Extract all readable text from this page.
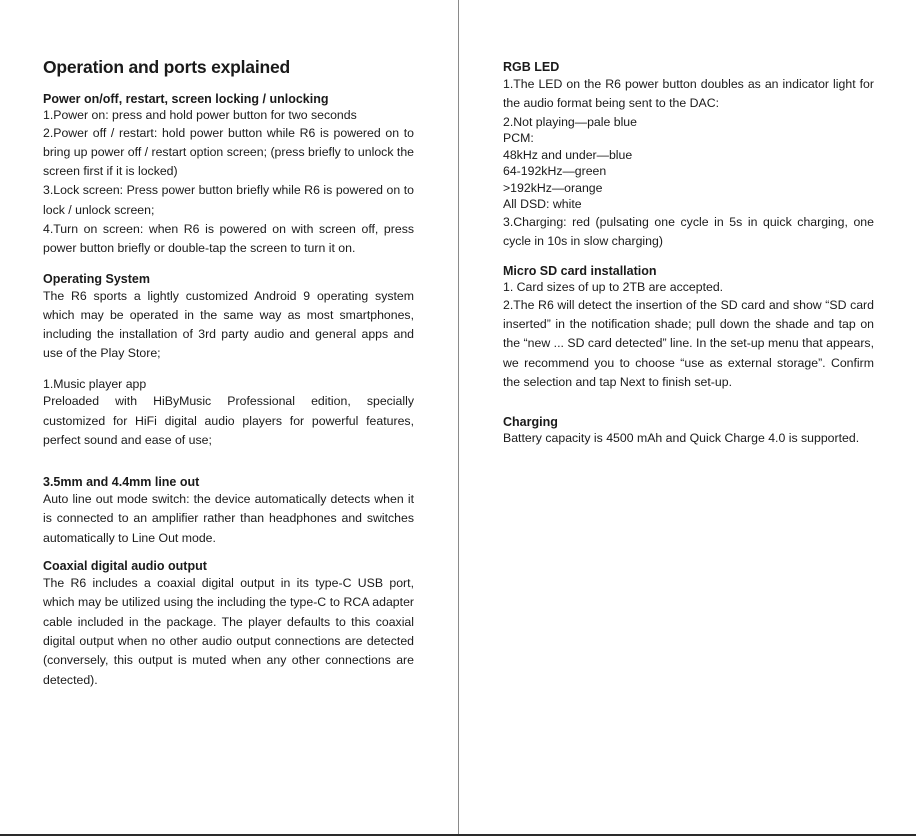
Operation and ports explained
Power on/off, restart, screen locking / unlocking

1.Power on: press and hold power button for two seconds

2.Power off / restart: hold power button while R6 is powered on to bring up power off / restart option screen; (press briefly to unlock the screen first if it is locked)

3.Lock screen: Press power button briefly while R6 is powered on to lock / unlock screen;

4.Turn on screen: when R6 is powered on with screen off, press power button briefly or double-tap the screen to turn it on.

Operating System

The R6 sports a lightly customized Android 9 operating system which may be operated in the same way as most smartphones, including the installation of 3rd party audio and general apps and use of the Play Store;

1.Music player app

Preloaded with HiByMusic Professional edition, specially customized for HiFi digital audio players for powerful features, perfect sound and ease of use;

3.5mm and 4.4mm line out

Auto line out mode switch: the device automatically detects when it is connected to an amplifier rather than headphones and switches automatically to Line Out mode.

Coaxial digital audio output

The R6 includes a coaxial digital output in its type-C USB port, which may be utilized using the including the type-C to RCA adapter cable included in the package. The player defaults to this coaxial digital output when no other audio output connections are detected (conversely, this output is muted when any other connections are detected).

RGB LED

1.The LED on the R6 power button doubles as an indicator light for the audio format being sent to the DAC:

2.Not playing—pale blue

PCM:

48kHz and under—blue

64-192kHz—green

>192kHz—orange

All DSD: white

3.Charging: red (pulsating one cycle in 5s in quick charging, one cycle in 10s in slow charging)

Micro SD card installation

1. Card sizes of up to 2TB are accepted.

2.The R6 will detect the insertion of the SD card and show “SD card inserted” in the notification shade; pull down the shade and tap on the “new ... SD card detected” line. In the set-up menu that appears, we recommend you to choose “use as external storage”. Confirm the selection and tap Next to finish set-up.

Charging

Battery capacity is 4500 mAh and Quick Charge 4.0 is supported.
